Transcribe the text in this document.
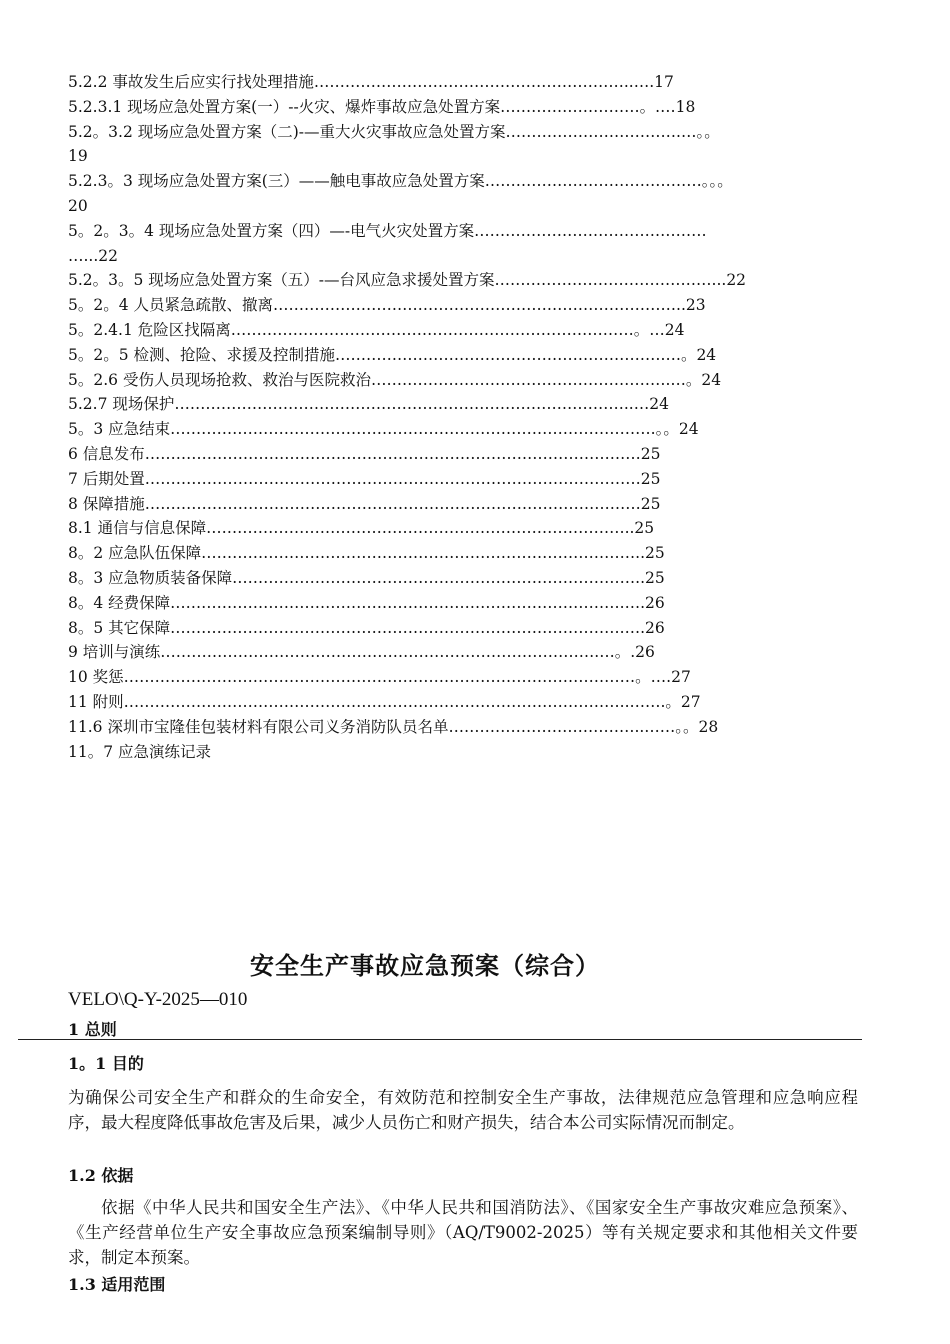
5.2.2 事故发生后应实行找处理措施……………………………………………………..….17
5.2.3.1 现场应急处置方案(一）--火灾、爆炸事故应急处置方案………………………。.…18
5.2。3.2 现场应急处置方案（二)-—重大火灾事故应急处置方案…………………………….…。。
19
5.2.3。3 现场应急处置方案(三）——触电事故应急处置方案……………………………………。。。
20
5。2。3。4 现场应急处置方案（四）—-电气火灾处置方案………………………………………
…...22
5.2。3。5 现场应急处置方案（五）-—台风应急求援处置方案……………………………………...22
5。2。4 人员紧急疏散、撤离……………………………………………………………………..23
5。2.4.1 危险区找隔离……………………………………………………………………。…24
5。2。5 检测、抢险、求援及控制措施……………………………………………………….…。24
5。2.6 受伤人员现场抢救、救治与医院救治………………………………………………….…。24
5.2.7 现场保护……………………………………………………………………………..…24
5。3 应急结束………………………………………………………………………………….。。24
6 信息发布……………………………………………………………………………………25
7 后期处置……………………………………………………………………………………25
8 保障措施……………………………………………………………………………………25
8.1 通信与信息保障………………………………………………………………………..25
8。2 应急队伍保障…………………………………………………………………………..25
8。3 应急物质装备保障……………………………………………………………………..25
8。4 经费保障…………………………………………………………………………….….26
8。5 其它保障…………………………………………………………………………….….26
9 培训与演练………………………………………………………………………….…。.26
10 奖惩………………………………………………………………………………………。….27
11 附则……………………………………………………………………………………..…….。27
11.6 深圳市宝隆佳包装材料有限公司义务消防队员名单………………………………..……。。28
11。7 应急演练记录
安全生产事故应急预案（综合）
VELO\Q-Y-2025—010
1 总则
1。1 目的
为确保公司安全生产和群众的生命安全，有效防范和控制安全生产事故，法律规范应急管理和应急响应程序，最大程度降低事故危害及后果，减少人员伤亡和财产损失，结合本公司实际情况而制定。
1.2 依据
依据《中华人民共和国安全生产法》、《中华人民共和国消防法》、《国家安全生产事故灾难应急预案》、《生产经营单位生产安全事故应急预案编制导则》（AQ/T9002-2025）等有关规定要求和其他相关文件要求，制定本预案。
1.3 适用范围
